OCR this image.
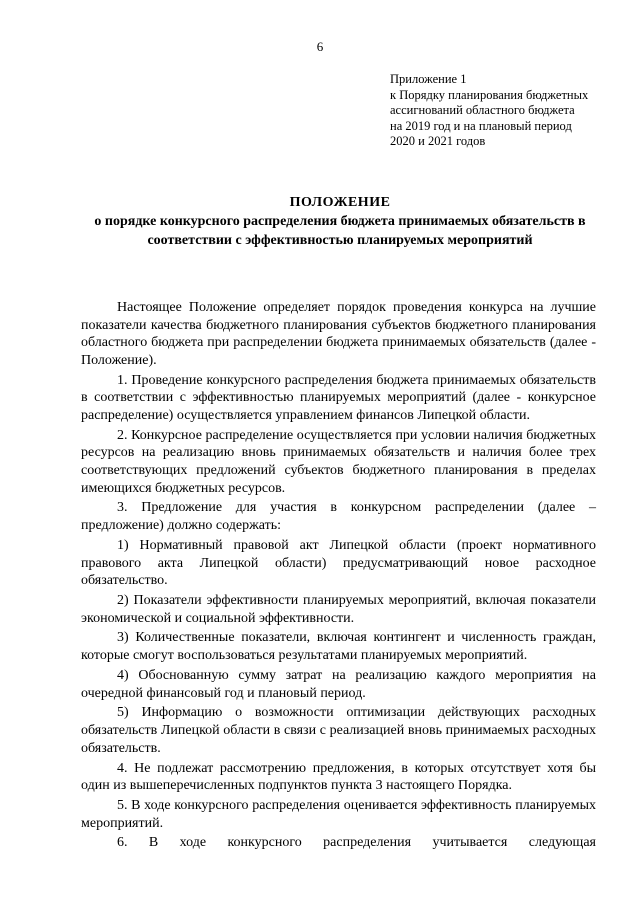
6
Приложение 1
к Порядку планирования бюджетных
ассигнований областного бюджета
на 2019 год и на плановый период
2020 и 2021 годов
ПОЛОЖЕНИЕ
о порядке конкурсного распределения бюджета принимаемых обязательств в соответствии с эффективностью планируемых мероприятий

Настоящее Положение определяет порядок проведения конкурса на лучшие показатели качества бюджетного планирования субъектов бюджетного планирования областного бюджета при распределении бюджета принимаемых обязательств (далее - Положение).

1. Проведение конкурсного распределения бюджета принимаемых обязательств в соответствии с эффективностью планируемых мероприятий (далее - конкурсное распределение) осуществляется управлением финансов Липецкой области.

2. Конкурсное распределение осуществляется при условии наличия бюджетных ресурсов на реализацию вновь принимаемых обязательств и наличия более трех соответствующих предложений субъектов бюджетного планирования в пределах имеющихся бюджетных ресурсов.

3. Предложение для участия в конкурсном распределении (далее – предложение) должно содержать:

1) Нормативный правовой акт Липецкой области (проект нормативного правового акта Липецкой области) предусматривающий новое расходное обязательство.

2) Показатели эффективности планируемых мероприятий, включая показатели экономической и социальной эффективности.

3) Количественные показатели, включая контингент и численность граждан, которые смогут воспользоваться результатами планируемых мероприятий.

4) Обоснованную сумму затрат на реализацию каждого мероприятия на очередной финансовый год и плановый период.

5) Информацию о возможности оптимизации действующих расходных обязательств Липецкой области в связи с реализацией вновь принимаемых расходных обязательств.

4. Не подлежат рассмотрению предложения, в которых отсутствует хотя бы один из вышеперечисленных подпунктов пункта 3 настоящего Порядка.

5. В ходе конкурсного распределения оценивается эффективность планируемых мероприятий.

6. В ходе конкурсного распределения учитывается следующая
